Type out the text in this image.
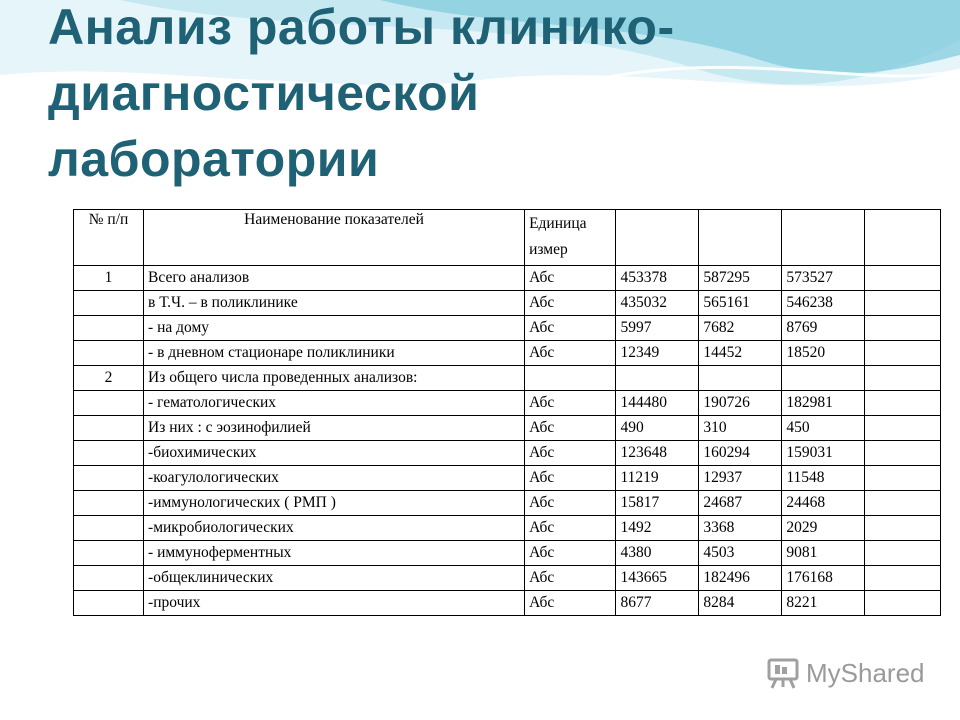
Анализ работы клинико-
диагностической
лаборатории
№ п/п	Наименование показателей	Единица измер				
1	Всего анализов	Абс	453378	587295	573527	
	в Т.Ч. – в поликлинике	Абс	435032	565161	546238	
	- на дому	Абс	5997	7682	8769	
	- в дневном стационаре поликлиники	Абс	12349	14452	18520	
2	Из общего числа проведенных анализов:					
	- гематологических	Абс	144480	190726	182981	
	Из них : с эозинофилией	Абс	490	310	450	
	-биохимических	Абс	123648	160294	159031	
	-коагулологических	Абс	11219	12937	11548	
	-иммунологических ( РМП )	Абс	15817	24687	24468	
	-микробиологических	Абс	1492	3368	2029	
	- иммуноферментных	Абс	4380	4503	9081	
	-общеклинических	Абс	143665	182496	176168	
	-прочих	Абс	8677	8284	8221	
MyShared
